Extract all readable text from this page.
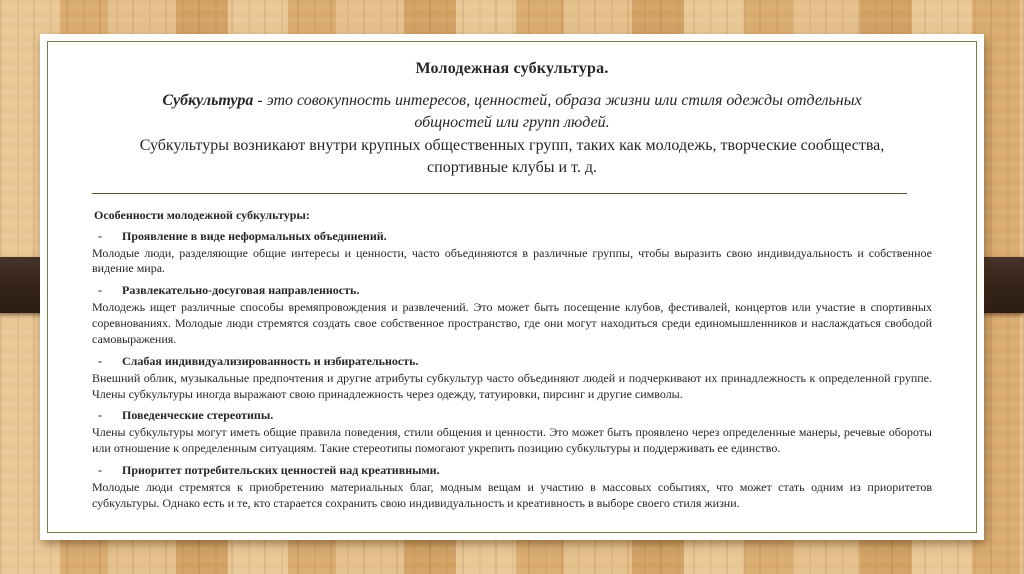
Молодежная субкультура.

Субкультура - это совокупность интересов, ценностей, образа жизни или стиля одежды отдельных общностей или групп людей.

Субкультуры возникают внутри крупных общественных групп, таких как молодежь, творческие сообщества, спортивные клубы и т. д.

Особенности молодежной субкультуры:

-	Проявление в виде неформальных объединений.

Молодые люди, разделяющие общие интересы и ценности, часто объединяются в различные группы, чтобы выразить свою индивидуальность и собственное видение мира.

-	Развлекательно-досуговая направленность.

Молодежь ищет различные способы времяпровождения и развлечений. Это может быть посещение клубов, фестивалей, концертов или участие в спортивных соревнованиях. Молодые люди стремятся создать свое собственное пространство, где они могут находиться среди единомышленников и наслаждаться свободой самовыражения.

-	Слабая индивидуализированность и избирательность.

Внешний облик, музыкальные предпочтения и другие атрибуты субкультур часто объединяют людей и подчеркивают их принадлежность к определенной группе. Члены субкультуры иногда выражают свою принадлежность через одежду, татуировки, пирсинг и другие символы.

-	Поведенческие стереотипы.

Члены субкультуры могут иметь общие правила поведения, стили общения и ценности. Это может быть проявлено через определенные манеры, речевые обороты или отношение к определенным ситуациям. Такие стереотипы помогают укрепить позицию субкультуры и поддерживать ее единство.

-	Приоритет потребительских ценностей над креативными.

Молодые люди стремятся к приобретению материальных благ, модным вещам и участию в массовых событиях, что может стать одним из приоритетов субкультуры. Однако есть и те, кто старается сохранить свою индивидуальность и креативность в выборе своего стиля жизни.
